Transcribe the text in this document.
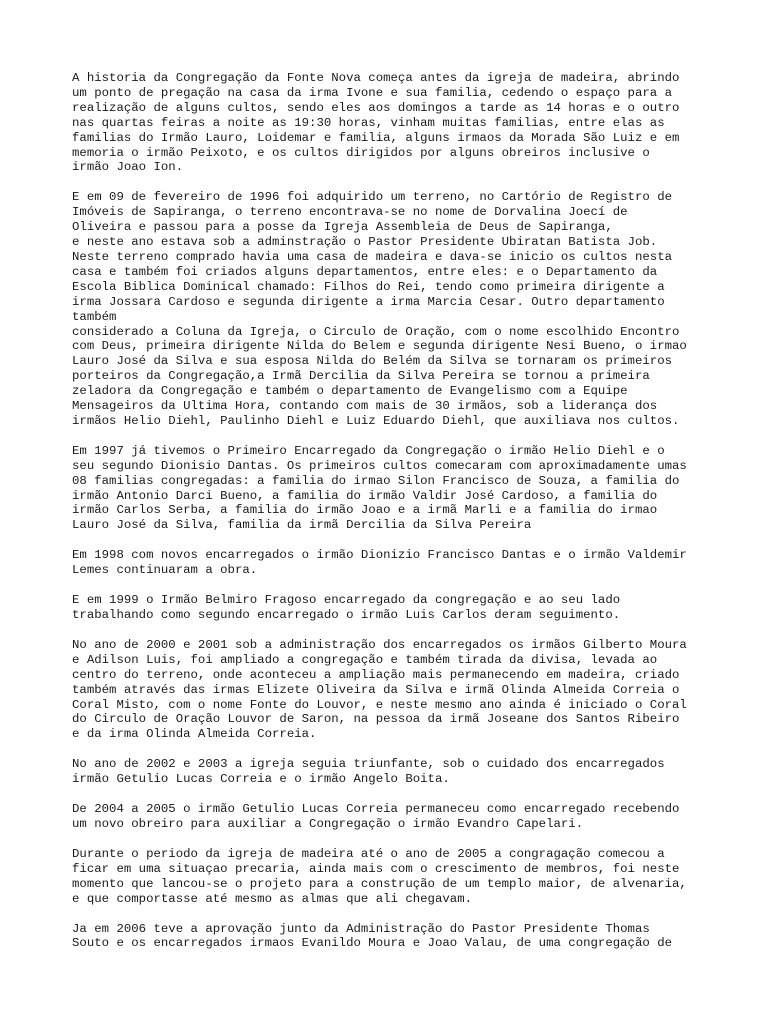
A historia da Congregação da Fonte Nova começa antes da igreja de madeira, abrindo
um ponto de pregação na casa da irma Ivone e sua familia, cedendo o espaço para a
realização de alguns cultos, sendo eles aos domingos a tarde as 14 horas e o outro
nas quartas feiras a noite as 19:30 horas, vinham muitas familias, entre elas as
familias do Irmão Lauro, Loidemar e familia, alguns irmaos da Morada São Luiz e em
memoria o irmão Peixoto, e os cultos dirigidos por alguns obreiros inclusive o
irmão Joao Ion.

E em 09 de fevereiro de 1996 foi adquirido um terreno, no Cartório de Registro de
Imóveis de Sapiranga, o terreno encontrava-se no nome de Dorvalina Joecí de
Oliveira e passou para a posse da Igreja Assembleia de Deus de Sapiranga,
e neste ano estava sob a adminstração o Pastor Presidente Ubiratan Batista Job.
Neste terreno comprado havia uma casa de madeira e dava-se inicio os cultos nesta
casa e também foi criados alguns departamentos, entre eles: e o Departamento da
Escola Biblica Dominical chamado: Filhos do Rei, tendo como primeira dirigente a
irma Jossara Cardoso e segunda dirigente a irma Marcia Cesar. Outro departamento
também
considerado a Coluna da Igreja, o Circulo de Oração, com o nome escolhido Encontro
com Deus, primeira dirigente Nilda do Belem e segunda dirigente Nesi Bueno, o irmao
Lauro José da Silva e sua esposa Nilda do Belém da Silva se tornaram os primeiros
porteiros da Congregação,a Irmã Dercilia da Silva Pereira se tornou a primeira
zeladora da Congregação e também o departamento de Evangelismo com a Equipe
Mensageiros da Ultima Hora, contando com mais de 30 irmãos, sob a liderança dos
irmãos Helio Diehl, Paulinho Diehl e Luiz Eduardo Diehl, que auxiliava nos cultos.

Em 1997 já tivemos o Primeiro Encarregado da Congregação o irmão Helio Diehl e o
seu segundo Dionisio Dantas. Os primeiros cultos comecaram com aproximadamente umas
08 familias congregadas: a familia do irmao Silon Francisco de Souza, a familia do
irmão Antonio Darci Bueno, a familia do irmão Valdir José Cardoso, a familia do
irmão Carlos Serba, a familia do irmão Joao e a irmã Marli e a familia do irmao
Lauro José da Silva, familia da irmã Dercilia da Silva Pereira

Em 1998 com novos encarregados o irmão Dionizio Francisco Dantas e o irmão Valdemir
Lemes continuaram a obra.

E em 1999 o Irmão Belmiro Fragoso encarregado da congregação e ao seu lado
trabalhando como segundo encarregado o irmão Luis Carlos deram seguimento.

No ano de 2000 e 2001 sob a administração dos encarregados os irmãos Gilberto Moura
e Adilson Luis, foi ampliado a congregação e também tirada da divisa, levada ao
centro do terreno, onde aconteceu a ampliação mais permanecendo em madeira, criado
também através das irmas Elizete Oliveira da Silva e irmã Olinda Almeida Correia o
Coral Misto, com o nome Fonte do Louvor, e neste mesmo ano ainda é iniciado o Coral
do Circulo de Oração Louvor de Saron, na pessoa da irmã Joseane dos Santos Ribeiro
e da irma Olinda Almeida Correia.

No ano de 2002 e 2003 a igreja seguia triunfante, sob o cuidado dos encarregados
irmão Getulio Lucas Correia e o irmão Angelo Boita.

De 2004 a 2005 o irmão Getulio Lucas Correia permaneceu como encarregado recebendo
um novo obreiro para auxiliar a Congregação o irmão Evandro Capelari.

Durante o periodo da igreja de madeira até o ano de 2005 a congragação comecou a
ficar em uma situaçao precaria, ainda mais com o crescimento de membros, foi neste
momento que lancou-se o projeto para a construção de um templo maior, de alvenaria,
e que comportasse até mesmo as almas que ali chegavam.

Ja em 2006 teve a aprovação junto da Administração do Pastor Presidente Thomas
Souto e os encarregados irmaos Evanildo Moura e Joao Valau, de uma congregação de
